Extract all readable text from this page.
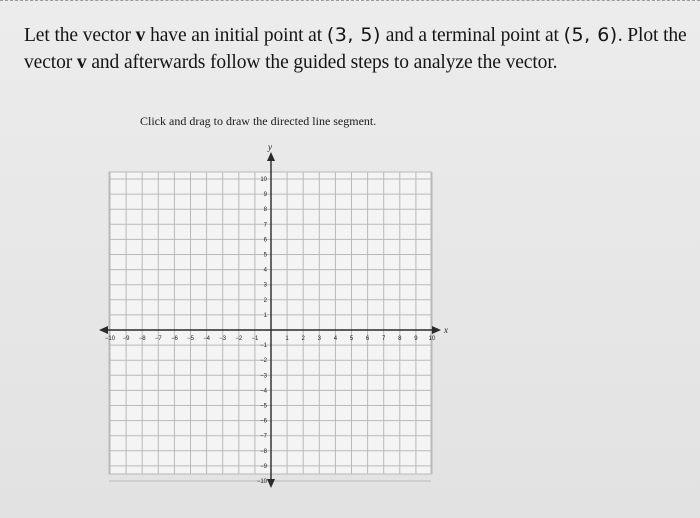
Let the vector v have an initial point at (3, 5) and a terminal point at (5, 6). Plot the
vector v and afterwards follow the guided steps to analyze the vector.
Click and drag to draw the directed line segment.
x
y
−10 −9 −8 −7 −6 −5 −4 −3 −2 −1	1 2 3 4 5 6 7 8 9 10
10
9
8
7
6
5
4
3
2
1
−1
−2
−3
−4
−5
−6
−7
−8
−9
−10
